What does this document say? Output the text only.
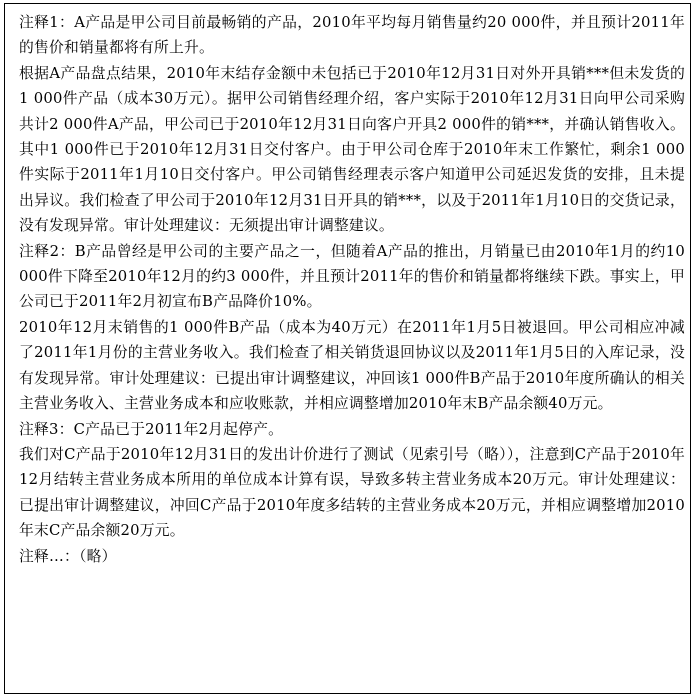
注释1：A产品是甲公司目前最畅销的产品，2010年平均每月销售量约20 000件，并且预计2011年的售价和销量都将有所上升。

根据A产品盘点结果，2010年末结存金额中未包括已于2010年12月31日对外开具销***但未发货的1 000件产品（成本30万元）。据甲公司销售经理介绍，客户实际于2010年12月31日向甲公司采购共计2 000件A产品，甲公司已于2010年12月31日向客户开具2 000件的销***，并确认销售收入。其中1 000件已于2010年12月31日交付客户。由于甲公司仓库于2010年末工作繁忙，剩余1 000件实际于2011年1月10日交付客户。甲公司销售经理表示客户知道甲公司延迟发货的安排，且未提出异议。我们检查了甲公司于2010年12月31日开具的销***，以及于2011年1月10日的交货记录，没有发现异常。审计处理建议：无须提出审计调整建议。

注释2：B产品曾经是甲公司的主要产品之一，但随着A产品的推出，月销量已由2010年1月的约10 000件下降至2010年12月的约3 000件，并且预计2011年的售价和销量都将继续下跌。事实上，甲公司已于2011年2月初宣布B产品降价10%。

2010年12月末销售的1 000件B产品（成本为40万元）在2011年1月5日被退回。甲公司相应冲减了2011年1月份的主营业务收入。我们检查了相关销货退回协议以及2011年1月5日的入库记录，没有发现异常。审计处理建议：已提出审计调整建议，冲回该1 000件B产品于2010年度所确认的相关主营业务收入、主营业务成本和应收账款，并相应调整增加2010年末B产品余额40万元。

注释3：C产品已于2011年2月起停产。

我们对C产品于2010年12月31日的发出计价进行了测试（见索引号（略）），注意到C产品于2010年12月结转主营业务成本所用的单位成本计算有误，导致多转主营业务成本20万元。审计处理建议：已提出审计调整建议，冲回C产品于2010年度多结转的主营业务成本20万元，并相应调整增加2010年末C产品余额20万元。

注释…：（略）
